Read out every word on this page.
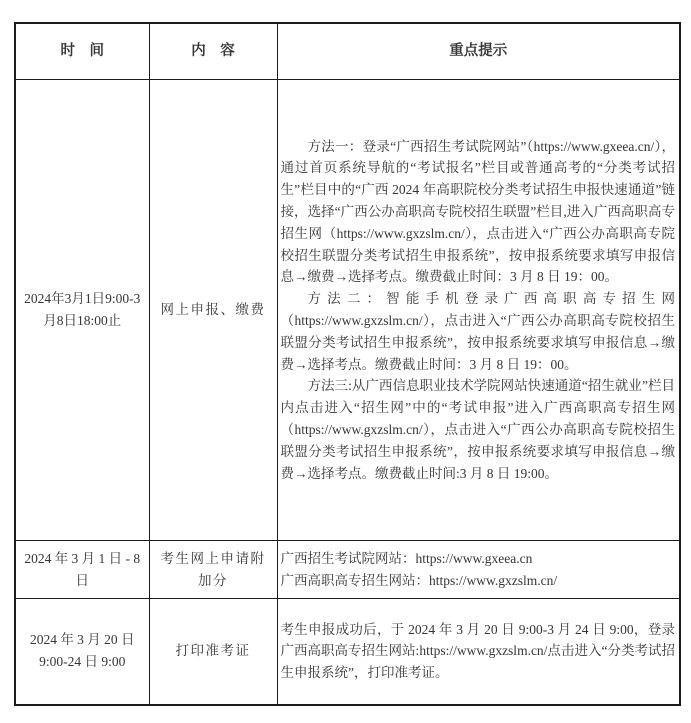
时　间	内　容	重点提示
2024年3月1日9:00-3月8日18:00止	网上申报、缴费	方法一：登录“广西招生考试院网站”（https://www.gxeea.cn/），通过首页系统导航的“考试报名”栏目或普通高考的“分类考试招生”栏目中的“广西 2024 年高职院校分类考试招生申报快速通道”链接，选择“广西公办高职高专院校招生联盟”栏目,进入广西高职高专招生网（https://www.gxzslm.cn/），点击进入“广西公办高职高专院校招生联盟分类考试招生申报系统”，按申报系统要求填写申报信息→缴费→选择考点。缴费截止时间：3 月 8 日 19：00。

方法二：智能手机登录广西高职高专招生网（https://www.gxzslm.cn/），点击进入“广西公办高职高专院校招生联盟分类考试招生申报系统”，按申报系统要求填写申报信息→缴费→选择考点。缴费截止时间：3 月 8 日 19：00。

方法三:从广西信息职业技术学院网站快速通道“招生就业”栏目内点击进入“招生网”中的“考试申报”进入广西高职高专招生网（https://www.gxzslm.cn/），点击进入“广西公办高职高专院校招生联盟分类考试招生申报系统”，按申报系统要求填写申报信息→缴费→选择考点。缴费截止时间:3 月 8 日 19:00。

2024 年 3 月 1 日 - 8 日	考生网上申请附加分	广西招生考试院网站：https://www.gxeea.cn
广西高职高专招生网站：https://www.gxzslm.cn/

2024 年 3 月 20 日 9:00-24 日 9:00	打印准考证	考生申报成功后，于 2024 年 3 月 20 日 9:00-3 月 24 日 9:00，登录广西高职高专招生网站:https://www.gxzslm.cn/点击进入“分类考试招生申报系统”，打印准考证。
